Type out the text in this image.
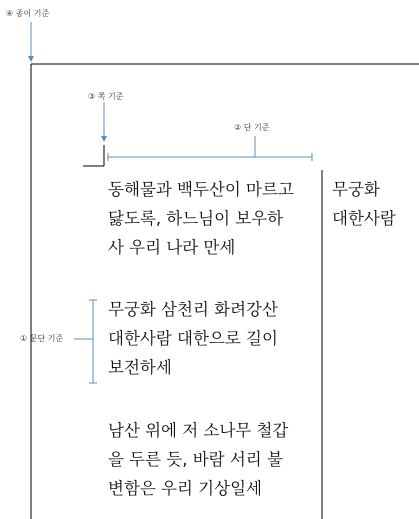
④ 종이 기준
③ 쪽 기준
② 단 기준
① 문단 기준
동해물과 백두산이 마르고
닳도록, 하느님이 보우하
사 우리 나라 만세
무궁화 삼천리 화려강산
대한사람 대한으로 길이
보전하세
남산 위에 저 소나무 철갑
을 두른 듯, 바람 서리 불
변함은 우리 기상일세
무궁화
대한사람
